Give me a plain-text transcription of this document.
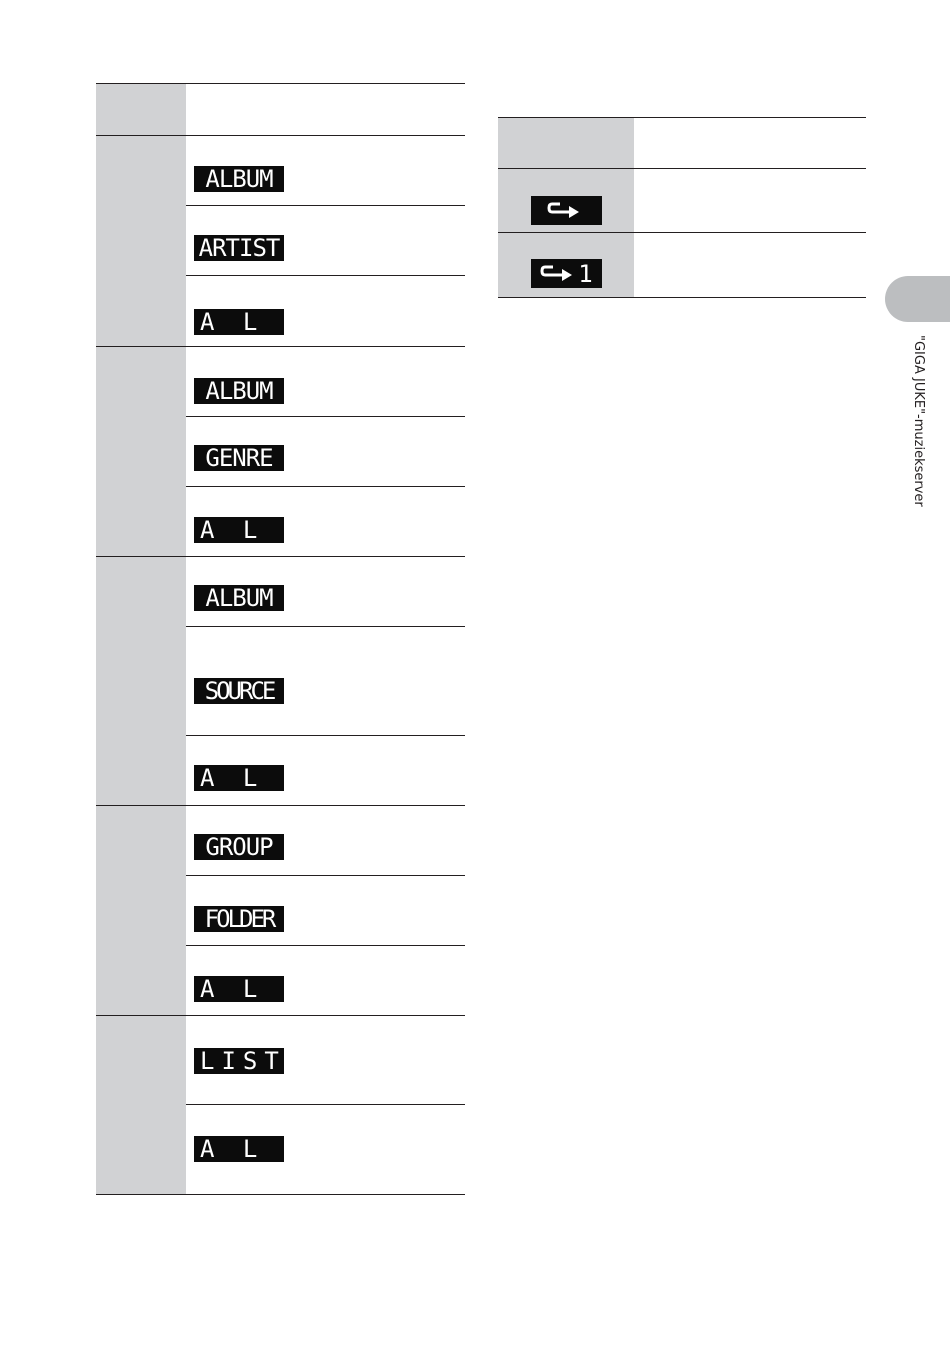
ALBUM
ARTIST
A L L
ALBUM
GENRE
A L L
ALBUM
SOURCE
A L L
GROUP
FOLDER
A L L
LIST
A L L
1
"GIGA JUKE"-muziekserver
